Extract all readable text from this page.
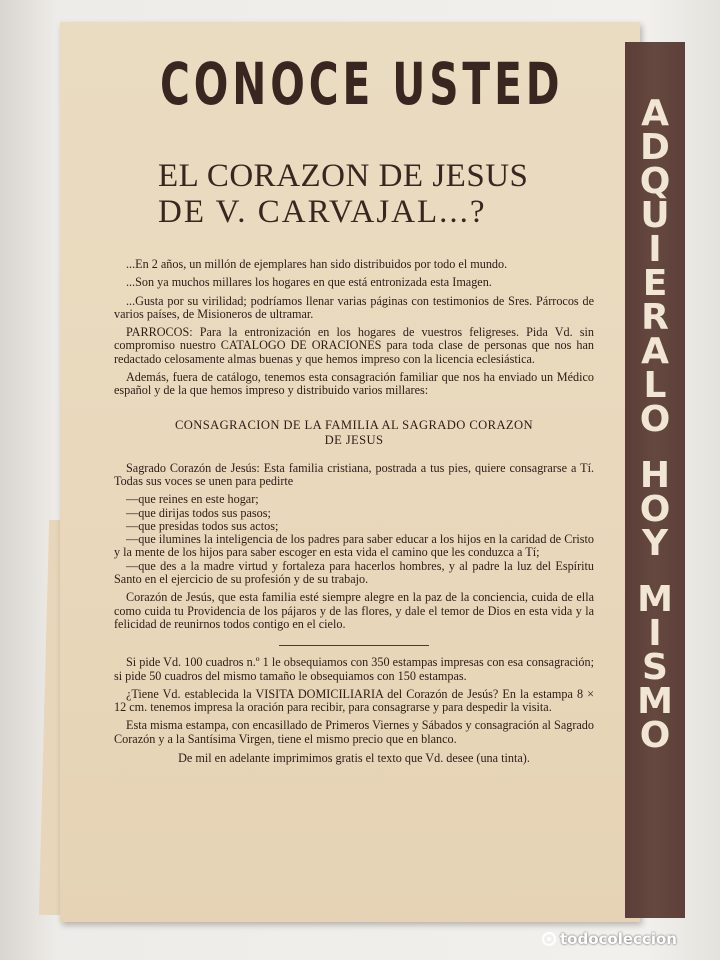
A
D
Q
U
I
E
R
A
L
O
H
O
Y
M
I
S
M
O
CONOCE USTED
EL CORAZON DE JESUS
DE V. CARVAJAL...?

...En 2 años, un millón de ejemplares han sido distribuidos por todo el mundo.

...Son ya muchos millares los hogares en que está entronizada esta Imagen.

...Gusta por su virilidad; podríamos llenar varias páginas con testimonios de Sres. Párrocos de varios países, de Misioneros de ultramar.

PARROCOS: Para la entronización en los hogares de vuestros feligreses. Pida Vd. sin compromiso nuestro CATALOGO DE ORACIONES para toda clase de personas que nos han redactado celosamente almas buenas y que hemos impreso con la licencia eclesiástica.

Además, fuera de catálogo, tenemos esta consagración familiar que nos ha enviado un Médico español y de la que hemos impreso y distribuido varios millares:

CONSAGRACION DE LA FAMILIA AL SAGRADO CORAZON
DE JESUS

Sagrado Corazón de Jesús: Esta familia cristiana, postrada a tus pies, quiere consagrarse a Tí. Todas sus voces se unen para pedirte

—que reines en este hogar;

—que dirijas todos sus pasos;

—que presidas todos sus actos;

—que ilumines la inteligencia de los padres para saber educar a los hijos en la caridad de Cristo y la mente de los hijos para saber escoger en esta vida el camino que les conduzca a Tí;

—que des a la madre virtud y fortaleza para hacerlos hombres, y al padre la luz del Espíritu Santo en el ejercicio de su profesión y de su trabajo.

Corazón de Jesús, que esta familia esté siempre alegre en la paz de la conciencia, cuida de ella como cuida tu Providencia de los pájaros y de las flores, y dale el temor de Dios en esta vida y la felicidad de reunirnos todos contigo en el cielo.

Si pide Vd. 100 cuadros n.º 1 le obsequiamos con 350 estampas impresas con esa consagración; si pide 50 cuadros del mismo tamaño le obsequiamos con 150 estampas.

¿Tiene Vd. establecida la VISITA DOMICILIARIA del Corazón de Jesús? En la estampa 8 × 12 cm. tenemos impresa la oración para recibir, para consagrarse y para despedir la visita.

Esta misma estampa, con encasillado de Primeros Viernes y Sábados y consagración al Sagrado Corazón y a la Santísima Virgen, tiene el mismo precio que en blanco.

De mil en adelante imprimimos gratis el texto que Vd. desee (una tinta).

todocoleccion
